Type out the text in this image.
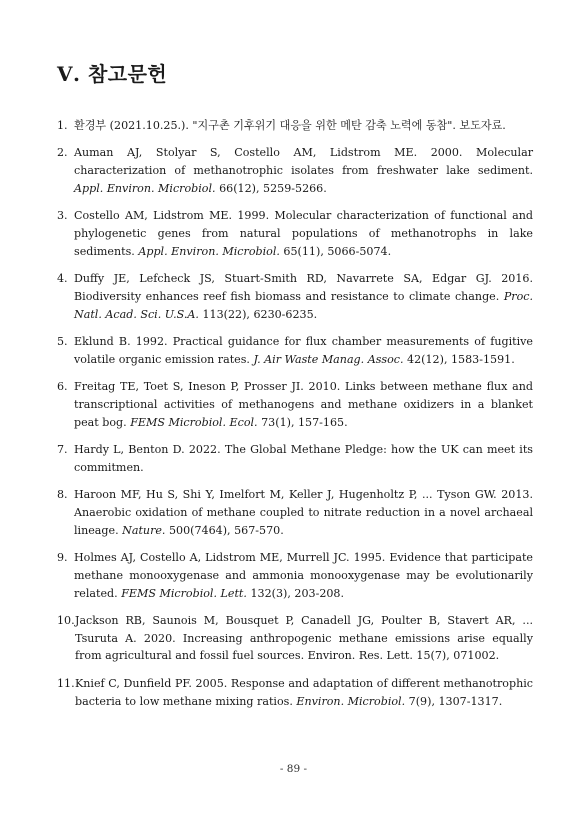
Ⅴ. 참고문헌
1. 환경부 (2021.10.25.). "지구촌 기후위기 대응을 위한 메탄 감축 노력에 동참". 보도자료.
2. Auman AJ, Stolyar S, Costello AM, Lidstrom ME. 2000. Molecular characterization of methanotrophic isolates from freshwater lake sediment. Appl. Environ. Microbiol. 66(12), 5259-5266.
3. Costello AM, Lidstrom ME. 1999. Molecular characterization of functional and phylogenetic genes from natural populations of methanotrophs in lake sediments. Appl. Environ. Microbiol. 65(11), 5066-5074.
4. Duffy JE, Lefcheck JS, Stuart-Smith RD, Navarrete SA, Edgar GJ. 2016. Biodiversity enhances reef fish biomass and resistance to climate change. Proc. Natl. Acad. Sci. U.S.A. 113(22), 6230-6235.
5. Eklund B. 1992. Practical guidance for flux chamber measurements of fugitive volatile organic emission rates. J. Air Waste Manag. Assoc. 42(12), 1583-1591.
6. Freitag TE, Toet S, Ineson P, Prosser JI. 2010. Links between methane flux and transcriptional activities of methanogens and methane oxidizers in a blanket peat bog. FEMS Microbiol. Ecol. 73(1), 157-165.
7. Hardy L, Benton D. 2022. The Global Methane Pledge: how the UK can meet its commitmen.
8. Haroon MF, Hu S, Shi Y, Imelfort M, Keller J, Hugenholtz P, ... Tyson GW. 2013. Anaerobic oxidation of methane coupled to nitrate reduction in a novel archaeal lineage. Nature. 500(7464), 567-570.
9. Holmes AJ, Costello A, Lidstrom ME, Murrell JC. 1995. Evidence that participate methane monooxygenase and ammonia monooxygenase may be evolutionarily related. FEMS Microbiol. Lett. 132(3), 203-208.
10. Jackson RB, Saunois M, Bousquet P, Canadell JG, Poulter B, Stavert AR, ... Tsuruta A. 2020. Increasing anthropogenic methane emissions arise equally from agricultural and fossil fuel sources. Environ. Res. Lett. 15(7), 071002.
11. Knief C, Dunfield PF. 2005. Response and adaptation of different methanotrophic bacteria to low methane mixing ratios. Environ. Microbiol. 7(9), 1307-1317.
- 89 -
